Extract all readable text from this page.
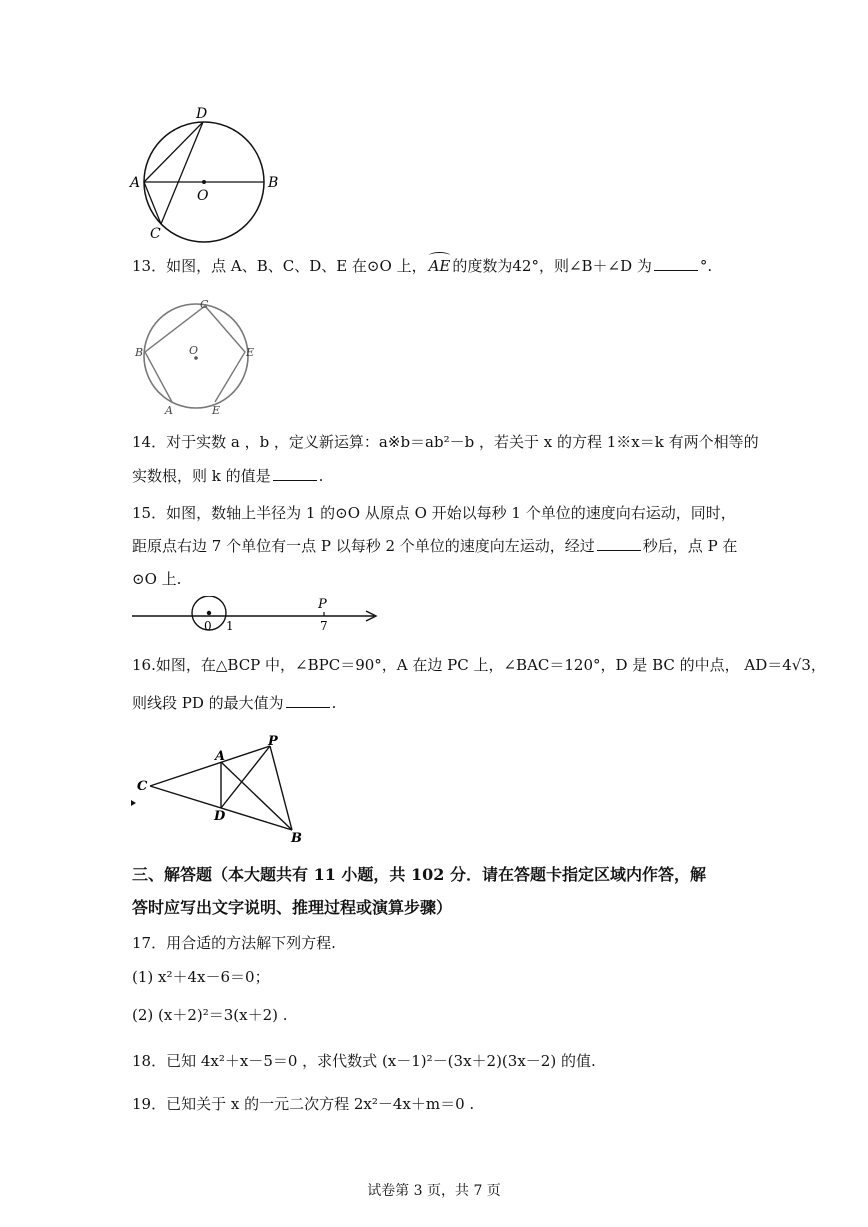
D
A
O
B
C
13．如图，点 A、B、C、D、E 在⊙O 上， AE 的度数为42°，则∠B＋∠D 为	°.
C
B	O	E
A	E
14．对于实数 a ，b ，定义新运算：a※b＝ab²－b ，若关于 x 的方程 1※x＝k 有两个相等的
实数根，则 k 的值是	.
15．如图，数轴上半径为 1 的⊙O 从原点 O 开始以每秒 1 个单位的速度向右运动，同时，
距原点右边 7 个单位有一点 P 以每秒 2 个单位的速度向左运动，经过	秒后，点 P 在
⊙O 上.
P
0 1	7
16.如图，在△BCP 中，∠BPC＝90°，A 在边 PC 上，∠BAC＝120°，D 是 BC 的中点， AD＝4√3，
则线段 PD 的最大值为	.
A
P
C
D
B
三、解答题（本大题共有 11 小题，共 102 分．请在答题卡指定区域内作答，解
答时应写出文字说明、推理过程或演算步骤）
17．用合适的方法解下列方程.
(1) x²＋4x－6＝0；
(2) (x＋2)²＝3(x＋2) .
18．已知 4x²＋x－5＝0 ，求代数式 (x－1)²－(3x＋2)(3x－2) 的值.
19．已知关于 x 的一元二次方程 2x²－4x＋m＝0 .
试卷第 3 页，共 7 页
